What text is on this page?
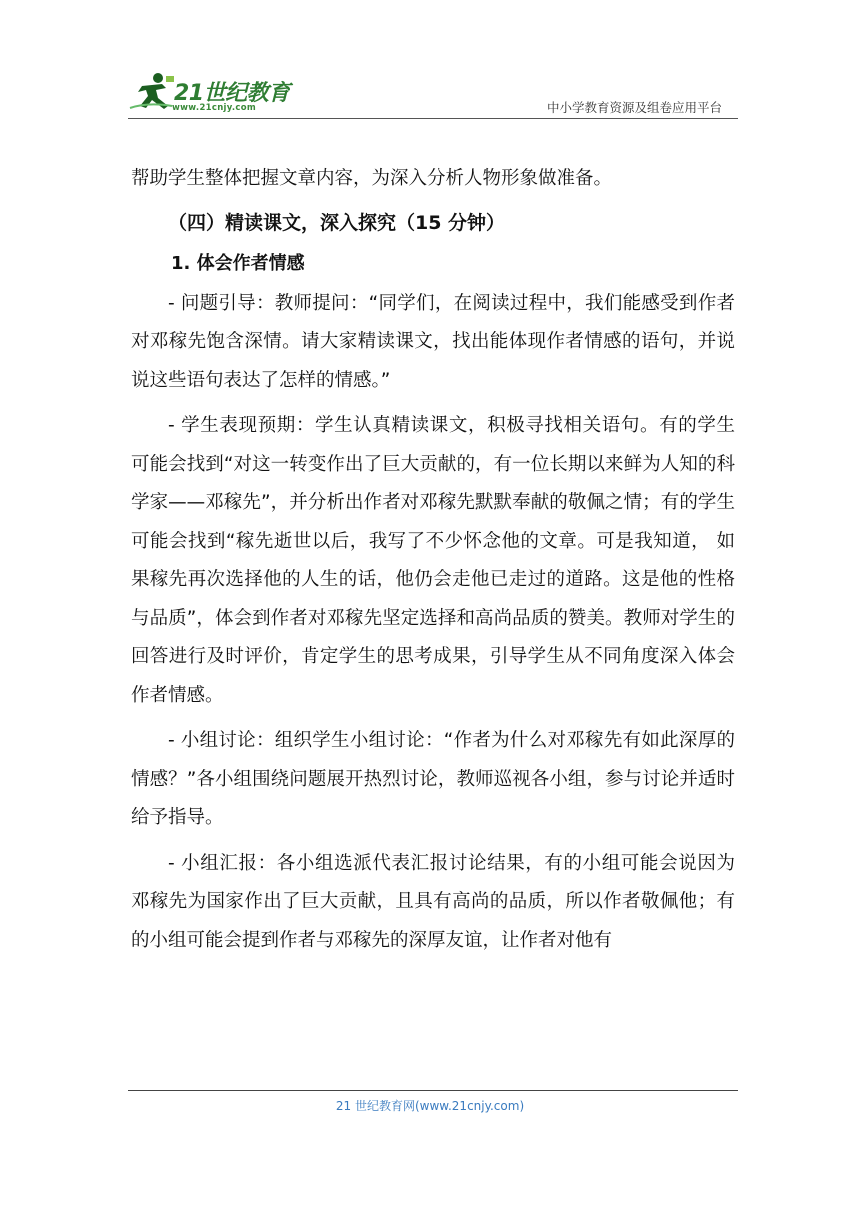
21世纪教育
www.21cnjy.com	中小学教育资源及组卷应用平台

帮助学生整体把握文章内容，为深入分析人物形象做准备。

（四）精读课文，深入探究（15 分钟）
1. 体会作者情感

- 问题引导：教师提问：“同学们，在阅读过程中，我们能感受到作者对邓稼先饱含深情。请大家精读课文，找出能体现作者情感的语句，并说说这些语句表达了怎样的情感。”

- 学生表现预期：学生认真精读课文，积极寻找相关语句。有的学生可能会找到“对这一转变作出了巨大贡献的，有一位长期以来鲜为人知的科学家——邓稼先”，并分析出作者对邓稼先默默奉献的敬佩之情；有的学生可能会找到“稼先逝世以后，我写了不少怀念他的文章。可是我知道， 如果稼先再次选择他的人生的话，他仍会走他已走过的道路。这是他的性格与品质”，体会到作者对邓稼先坚定选择和高尚品质的赞美。教师对学生的回答进行及时评价，肯定学生的思考成果，引导学生从不同角度深入体会作者情感。

- 小组讨论：组织学生小组讨论：“作者为什么对邓稼先有如此深厚的情感？”各小组围绕问题展开热烈讨论，教师巡视各小组，参与讨论并适时给予指导。

- 小组汇报：各小组选派代表汇报讨论结果，有的小组可能会说因为邓稼先为国家作出了巨大贡献，且具有高尚的品质，所以作者敬佩他；有的小组可能会提到作者与邓稼先的深厚友谊，让作者对他有

21 世纪教育网(www.21cnjy.com)
